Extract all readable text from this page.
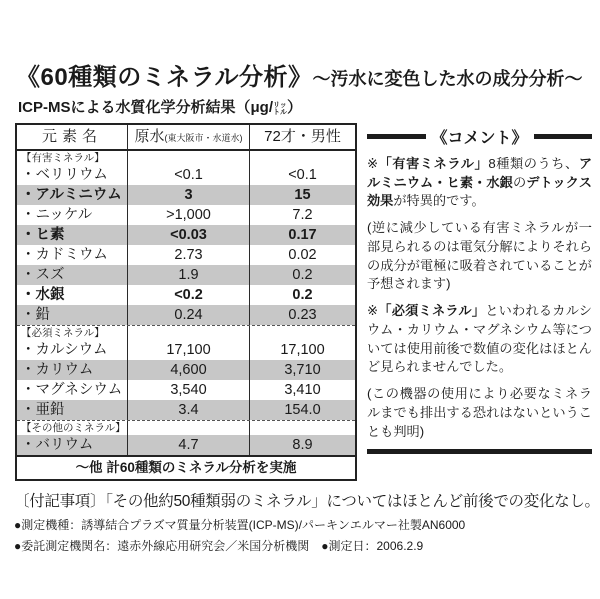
《60種類のミネラル分析》～汚水に変色した水の成分分析～
ICP-MSによる水質化学分析結果（μg/ リッ
トル ）
元素名	原水(東大阪市・水道水)	72才・男性
【有害ミネラル】
・ベリリウム	<0.1	<0.1
・アルミニウム	3	15
・ニッケル	>1,000	7.2
・ヒ素	<0.03	0.17
・カドミウム	2.73	0.02
・スズ	1.9	0.2
・水銀	<0.2	0.2
・鉛	0.24	0.23
【必須ミネラル】
・カルシウム	17,100	17,100
・カリウム	4,600	3,710
・マグネシウム	3,540	3,410
・亜鉛	3.4	154.0
【その他のミネラル】
・バリウム	4.7	8.9
～他 計60種類のミネラル分析を実施
《コメント》

※「有害ミネラル」8種類のうち、アルミニウム・ヒ素・水銀のデトックス効果が特異的です。

(逆に減少している有害ミネラルが一部見られるのは電気分解によりそれらの成分が電極に吸着されていることが予想されます)

※「必須ミネラル」といわれるカルシウム・カリウム・マグネシウム等については使用前後で数値の変化はほとんど見られませんでした。

(この機器の使用により必要なミネラルまでも排出する恐れはないということも判明)

〔付記事項〕「その他約50種類弱のミネラル」についてはほとんど前後での変化なし。
●測定機種：誘導結合プラズマ質量分析装置(ICP-MS)/パーキンエルマー社製AN6000
●委託測定機関名：遠赤外線応用研究会／米国分析機関　●測定日：2006.2.9
